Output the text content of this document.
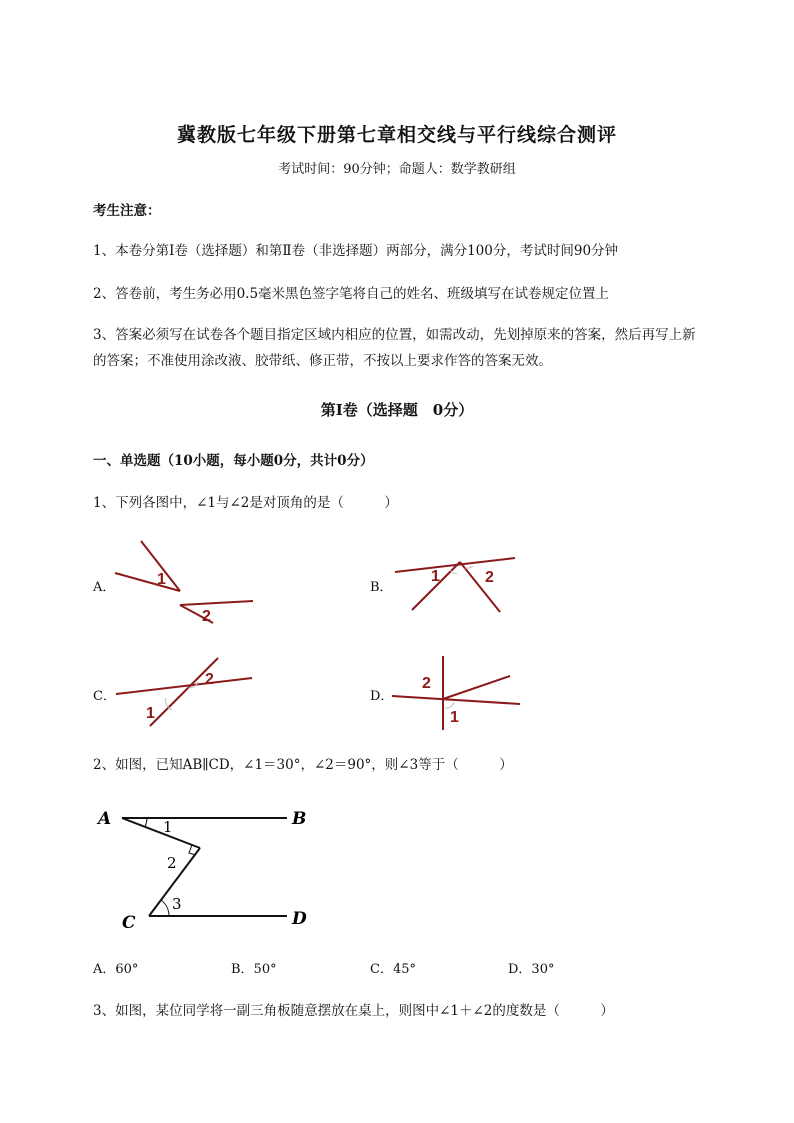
冀教版七年级下册第七章相交线与平行线综合测评
考试时间：90分钟；命题人：数学教研组
考生注意：
1、本卷分第I卷（选择题）和第Ⅱ卷（非选择题）两部分，满分100分，考试时间90分钟
2、答卷前，考生务必用0.5毫米黑色签字笔将自己的姓名、班级填写在试卷规定位置上
3、答案必须写在试卷各个题目指定区域内相应的位置，如需改动，先划掉原来的答案，然后再写上新的答案；不准使用涂改液、胶带纸、修正带，不按以上要求作答的答案无效。
第I卷（选择题　0分）
一、单选题（10小题，每小题0分，共计0分）
1、下列各图中，∠1与∠2是对顶角的是（　　　）
A．	1
2
B．
1	2
C．
2
1
D．
2
1
2、如图，已知AB∥CD，∠1＝30°，∠2＝90°，则∠3等于（　　　）
A	B
C	D
1
2
3
A．60°	B．50°	C．45°	D．30°
3、如图，某位同学将一副三角板随意摆放在桌上，则图中∠1＋∠2的度数是（　　　）
